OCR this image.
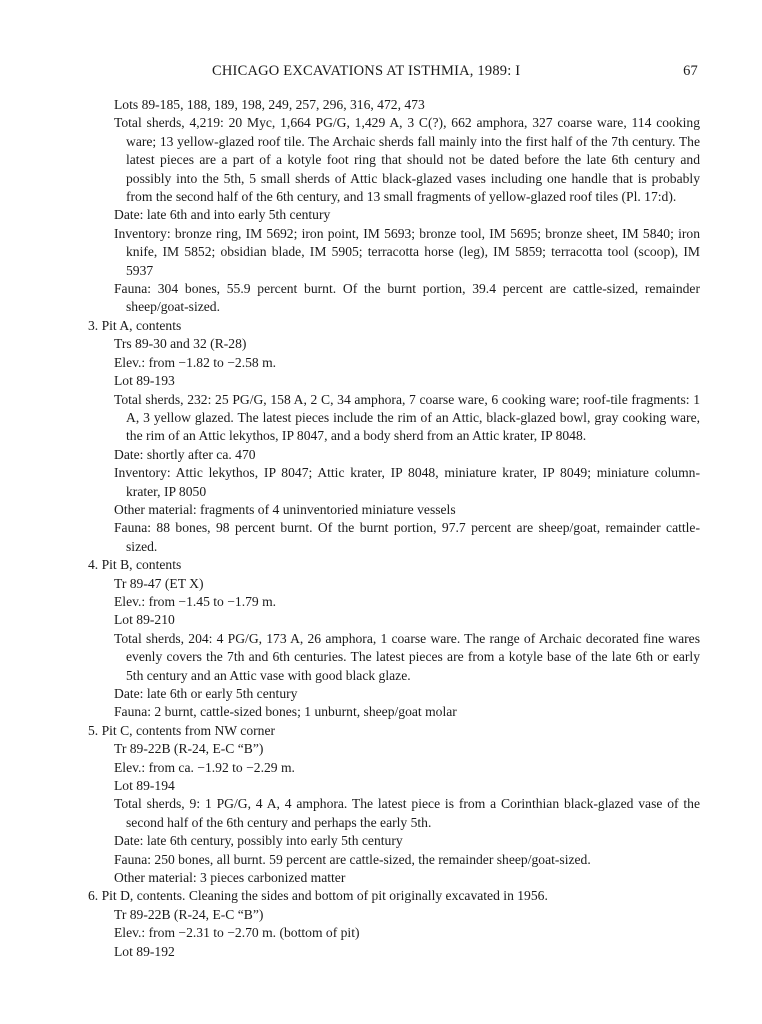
CHICAGO EXCAVATIONS AT ISTHMIA, 1989: I	67

Lots 89-185, 188, 189, 198, 249, 257, 296, 316, 472, 473

Total sherds, 4,219: 20 Myc, 1,664 PG/G, 1,429 A, 3 C(?), 662 amphora, 327 coarse ware, 114 cooking ware; 13 yellow-glazed roof tile. The Archaic sherds fall mainly into the first half of the 7th century. The latest pieces are a part of a kotyle foot ring that should not be dated before the late 6th century and possibly into the 5th, 5 small sherds of Attic black-glazed vases including one handle that is probably from the second half of the 6th century, and 13 small fragments of yellow-glazed roof tiles (Pl. 17:d).

Date: late 6th and into early 5th century

Inventory: bronze ring, IM 5692; iron point, IM 5693; bronze tool, IM 5695; bronze sheet, IM 5840; iron knife, IM 5852; obsidian blade, IM 5905; terracotta horse (leg), IM 5859; terracotta tool (scoop), IM 5937

Fauna: 304 bones, 55.9 percent burnt. Of the burnt portion, 39.4 percent are cattle-sized, remainder sheep/goat-sized.

3. Pit A, contents

Trs 89-30 and 32 (R-28)

Elev.: from −1.82 to −2.58 m.

Lot 89-193

Total sherds, 232: 25 PG/G, 158 A, 2 C, 34 amphora, 7 coarse ware, 6 cooking ware; roof-tile fragments: 1 A, 3 yellow glazed. The latest pieces include the rim of an Attic, black-glazed bowl, gray cooking ware, the rim of an Attic lekythos, IP 8047, and a body sherd from an Attic krater, IP 8048.

Date: shortly after ca. 470

Inventory: Attic lekythos, IP 8047; Attic krater, IP 8048, miniature krater, IP 8049; miniature column-krater, IP 8050

Other material: fragments of 4 uninventoried miniature vessels

Fauna: 88 bones, 98 percent burnt. Of the burnt portion, 97.7 percent are sheep/goat, remainder cattle-sized.

4. Pit B, contents

Tr 89-47 (ET X)

Elev.: from −1.45 to −1.79 m.

Lot 89-210

Total sherds, 204: 4 PG/G, 173 A, 26 amphora, 1 coarse ware. The range of Archaic decorated fine wares evenly covers the 7th and 6th centuries. The latest pieces are from a kotyle base of the late 6th or early 5th century and an Attic vase with good black glaze.

Date: late 6th or early 5th century

Fauna: 2 burnt, cattle-sized bones; 1 unburnt, sheep/goat molar

5. Pit C, contents from NW corner

Tr 89-22B (R-24, E-C “B”)

Elev.: from ca. −1.92 to −2.29 m.

Lot 89-194

Total sherds, 9: 1 PG/G, 4 A, 4 amphora. The latest piece is from a Corinthian black-glazed vase of the second half of the 6th century and perhaps the early 5th.

Date: late 6th century, possibly into early 5th century

Fauna: 250 bones, all burnt. 59 percent are cattle-sized, the remainder sheep/goat-sized.

Other material: 3 pieces carbonized matter

6. Pit D, contents. Cleaning the sides and bottom of pit originally excavated in 1956.

Tr 89-22B (R-24, E-C “B”)

Elev.: from −2.31 to −2.70 m. (bottom of pit)

Lot 89-192
